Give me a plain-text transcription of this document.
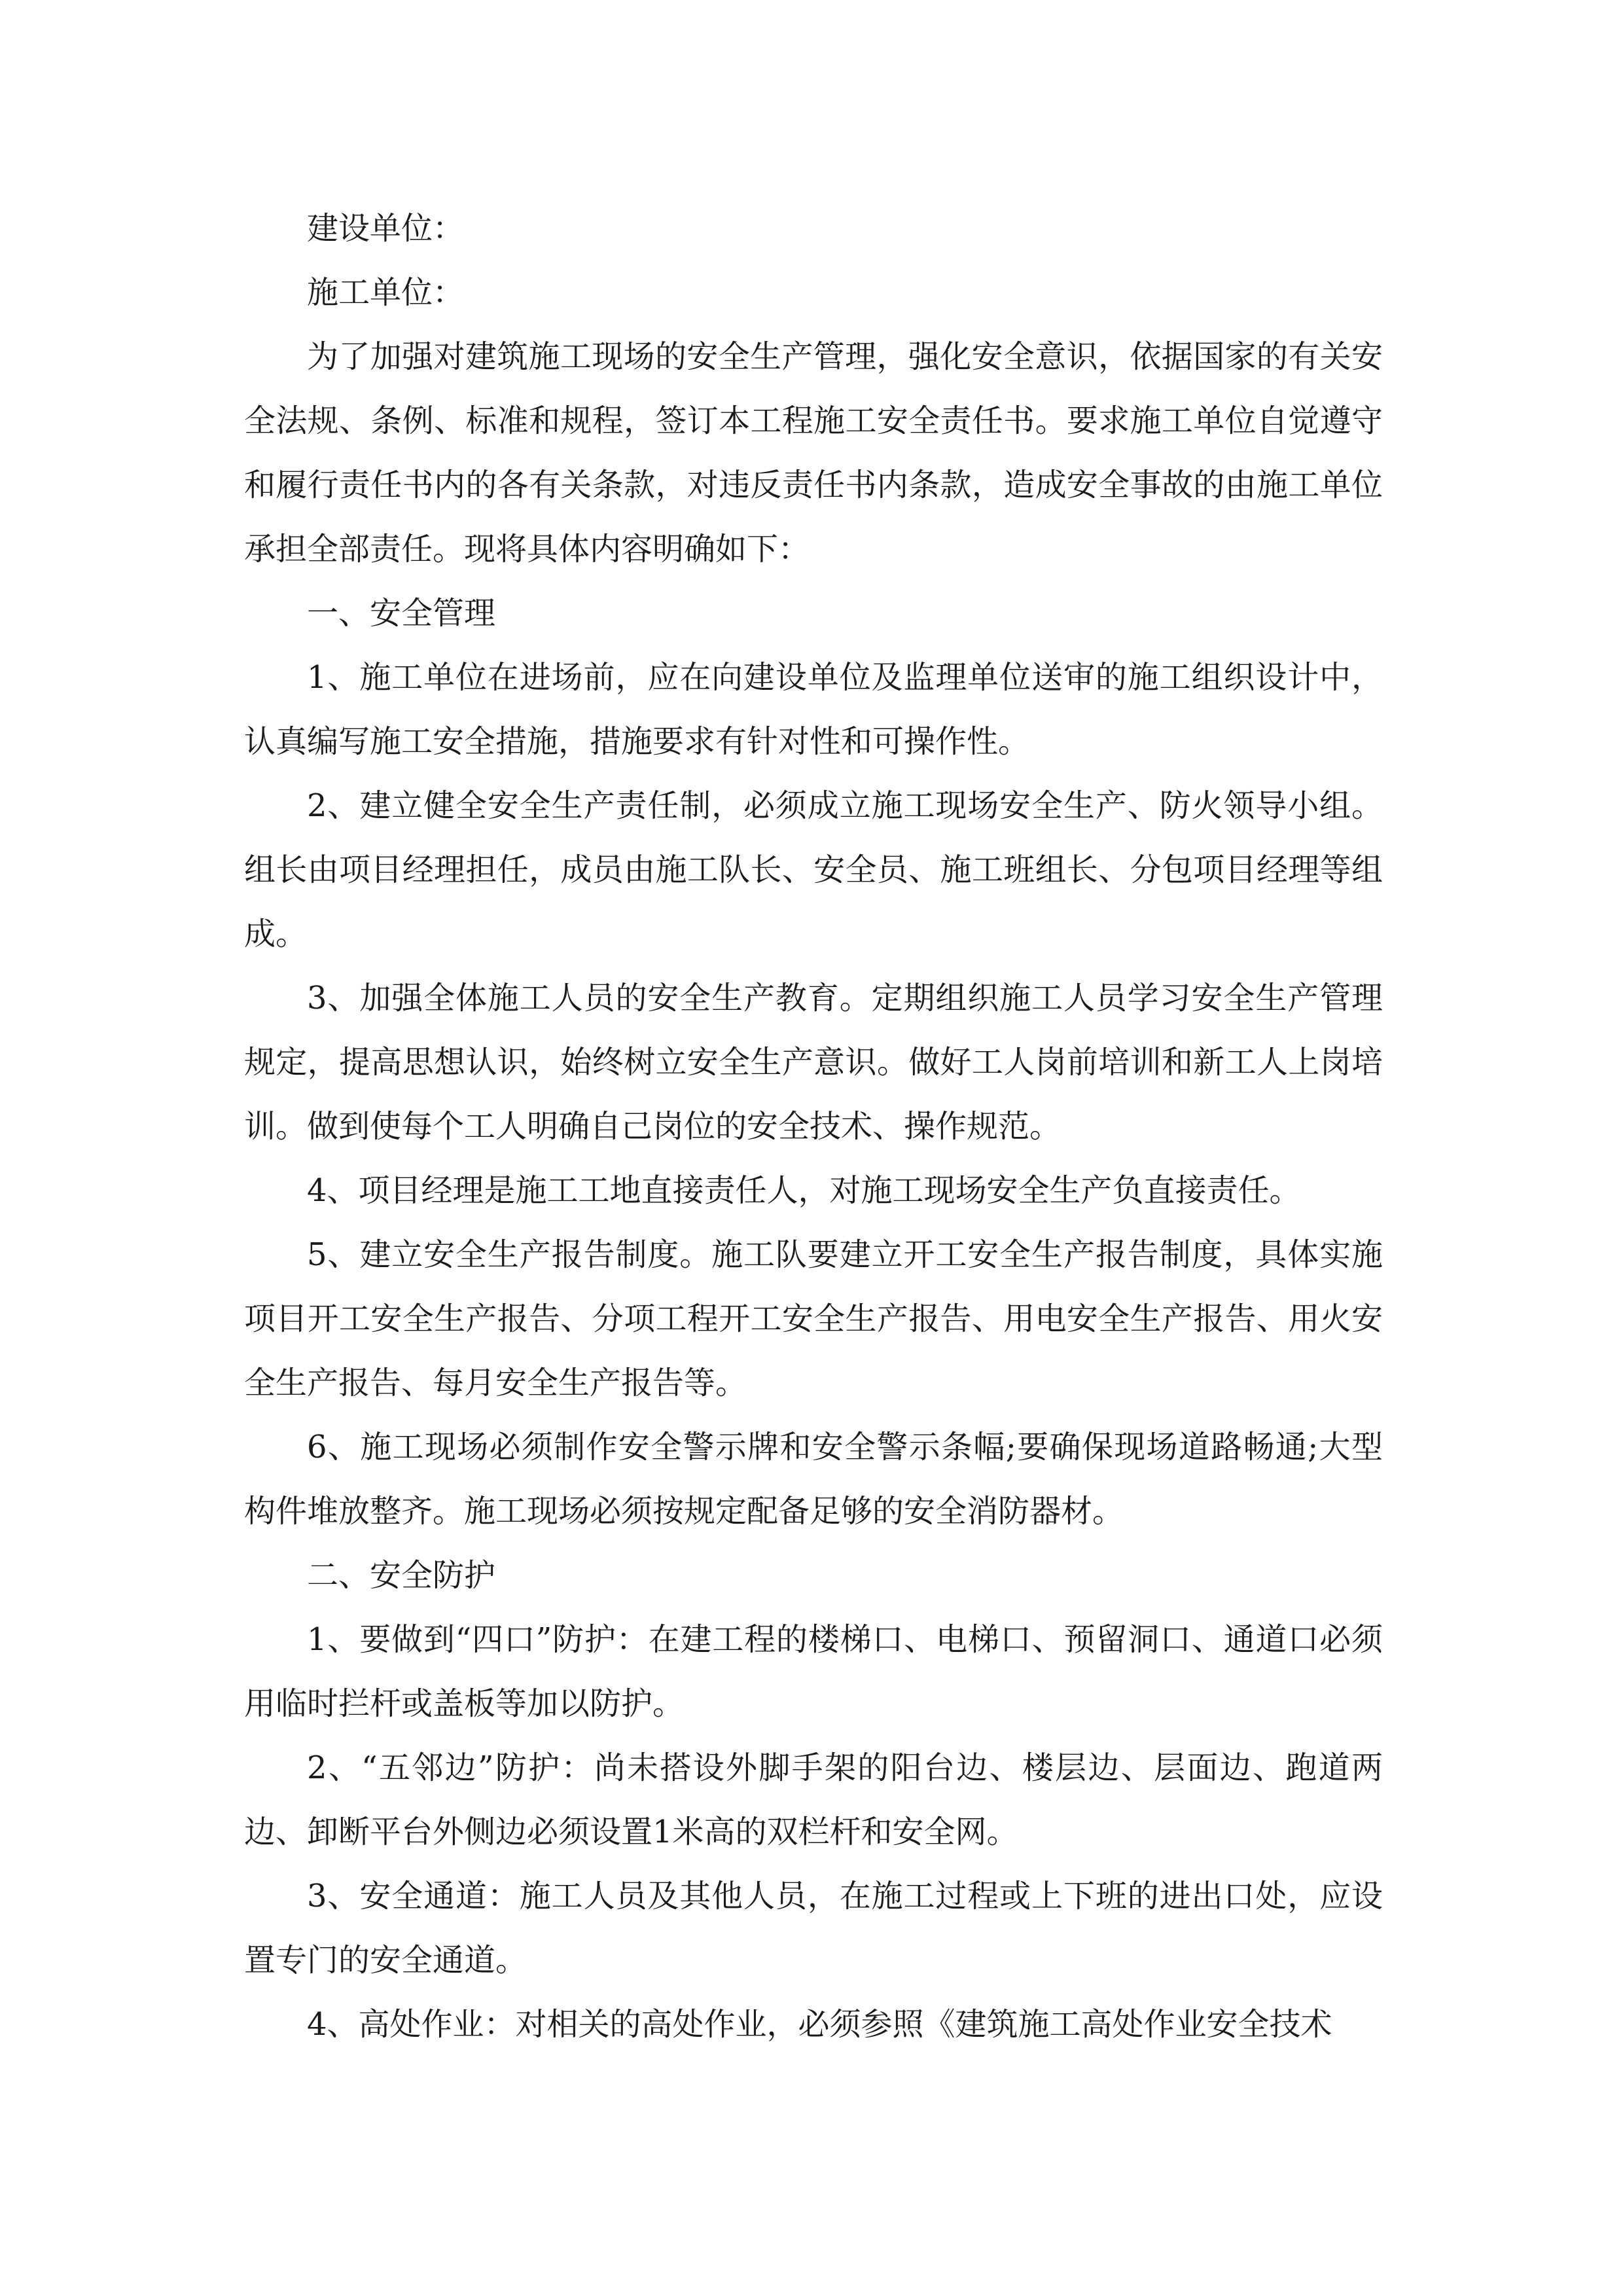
建设单位：

施工单位：

为了加强对建筑施工现场的安全生产管理，强化安全意识，依据国家的有关安全法规、条例、标准和规程，签订本工程施工安全责任书。要求施工单位自觉遵守和履行责任书内的各有关条款，对违反责任书内条款，造成安全事故的由施工单位承担全部责任。现将具体内容明确如下：

一、安全管理

1、施工单位在进场前，应在向建设单位及监理单位送审的施工组织设计中，认真编写施工安全措施，措施要求有针对性和可操作性。

2、建立健全安全生产责任制，必须成立施工现场安全生产、防火领导小组。组长由项目经理担任，成员由施工队长、安全员、施工班组长、分包项目经理等组成。

3、加强全体施工人员的安全生产教育。定期组织施工人员学习安全生产管理规定，提高思想认识，始终树立安全生产意识。做好工人岗前培训和新工人上岗培训。做到使每个工人明确自己岗位的安全技术、操作规范。

4、项目经理是施工工地直接责任人，对施工现场安全生产负直接责任。

5、建立安全生产报告制度。施工队要建立开工安全生产报告制度，具体实施项目开工安全生产报告、分项工程开工安全生产报告、用电安全生产报告、用火安全生产报告、每月安全生产报告等。

6、施工现场必须制作安全警示牌和安全警示条幅;要确保现场道路畅通;大型构件堆放整齐。施工现场必须按规定配备足够的安全消防器材。

二、安全防护

1、要做到“四口”防护：在建工程的楼梯口、电梯口、预留洞口、通道口必须用临时拦杆或盖板等加以防护。

2、“五邻边”防护：尚未搭设外脚手架的阳台边、楼层边、层面边、跑道两边、卸断平台外侧边必须设置1米高的双栏杆和安全网。

3、安全通道：施工人员及其他人员，在施工过程或上下班的进出口处，应设置专门的安全通道。

4、高处作业：对相关的高处作业，必须参照《建筑施工高处作业安全技术
